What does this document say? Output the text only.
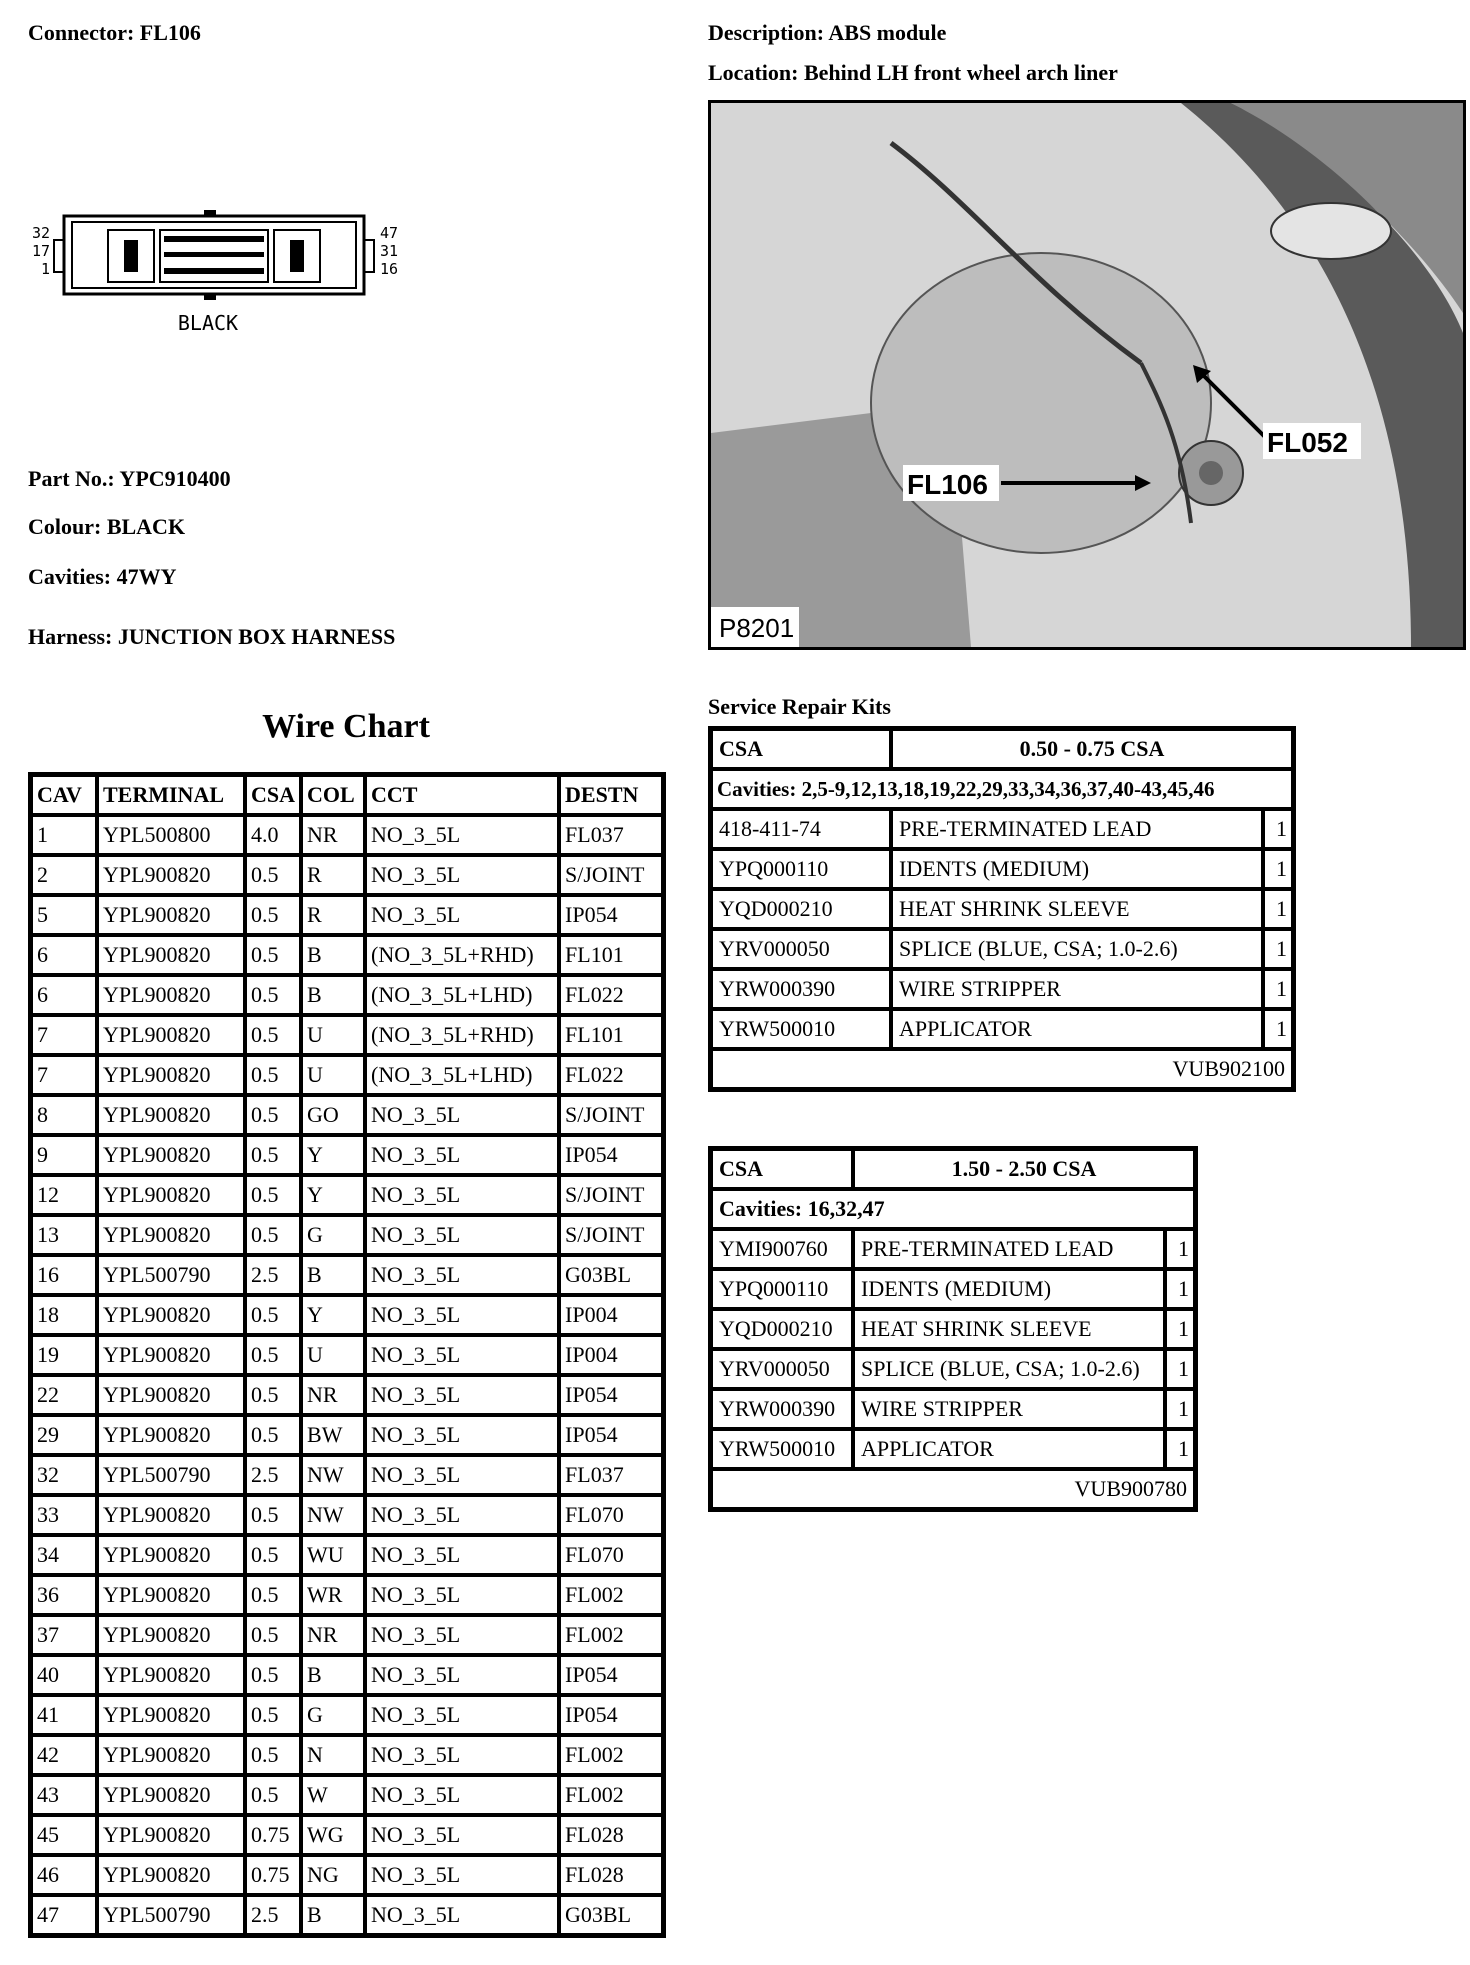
Connector: FL106	Description: ABS module
Location: Behind LH front wheel arch liner
32
17
1
47
31
16
BLACK
Part No.: YPC910400
Colour: BLACK
Cavities: 47WY
Harness: JUNCTION BOX HARNESS
FL106
FL052
P8201
Wire Chart
CAV	TERMINAL	CSA	COL	CCT	DESTN
1	YPL500800	4.0	NR	NO_3_5L	FL037
2	YPL900820	0.5	R	NO_3_5L	S/JOINT
5	YPL900820	0.5	R	NO_3_5L	IP054
6	YPL900820	0.5	B	(NO_3_5L+RHD)	FL101
6	YPL900820	0.5	B	(NO_3_5L+LHD)	FL022
7	YPL900820	0.5	U	(NO_3_5L+RHD)	FL101
7	YPL900820	0.5	U	(NO_3_5L+LHD)	FL022
8	YPL900820	0.5	GO	NO_3_5L	S/JOINT
9	YPL900820	0.5	Y	NO_3_5L	IP054
12	YPL900820	0.5	Y	NO_3_5L	S/JOINT
13	YPL900820	0.5	G	NO_3_5L	S/JOINT
16	YPL500790	2.5	B	NO_3_5L	G03BL
18	YPL900820	0.5	Y	NO_3_5L	IP004
19	YPL900820	0.5	U	NO_3_5L	IP004
22	YPL900820	0.5	NR	NO_3_5L	IP054
29	YPL900820	0.5	BW	NO_3_5L	IP054
32	YPL500790	2.5	NW	NO_3_5L	FL037
33	YPL900820	0.5	NW	NO_3_5L	FL070
34	YPL900820	0.5	WU	NO_3_5L	FL070
36	YPL900820	0.5	WR	NO_3_5L	FL002
37	YPL900820	0.5	NR	NO_3_5L	FL002
40	YPL900820	0.5	B	NO_3_5L	IP054
41	YPL900820	0.5	G	NO_3_5L	IP054
42	YPL900820	0.5	N	NO_3_5L	FL002
43	YPL900820	0.5	W	NO_3_5L	FL002
45	YPL900820	0.75	WG	NO_3_5L	FL028
46	YPL900820	0.75	NG	NO_3_5L	FL028
47	YPL500790	2.5	B	NO_3_5L	G03BL
Service Repair Kits
CSA	0.50 - 0.75 CSA	
Cavities: 2,5-9,12,13,18,19,22,29,33,34,36,37,40-43,45,46		
418-411-74	PRE-TERMINATED LEAD	1
YPQ000110	IDENTS (MEDIUM)	1
YQD000210	HEAT SHRINK SLEEVE	1
YRV000050	SPLICE (BLUE, CSA; 1.0-2.6)	1
YRW000390	WIRE STRIPPER	1
YRW500010	APPLICATOR	1
VUB902100		
CSA	1.50 - 2.50 CSA	
Cavities: 16,32,47		
YMI900760	PRE-TERMINATED LEAD	1
YPQ000110	IDENTS (MEDIUM)	1
YQD000210	HEAT SHRINK SLEEVE	1
YRV000050	SPLICE (BLUE, CSA; 1.0-2.6)	1
YRW000390	WIRE STRIPPER	1
YRW500010	APPLICATOR	1
VUB900780		
